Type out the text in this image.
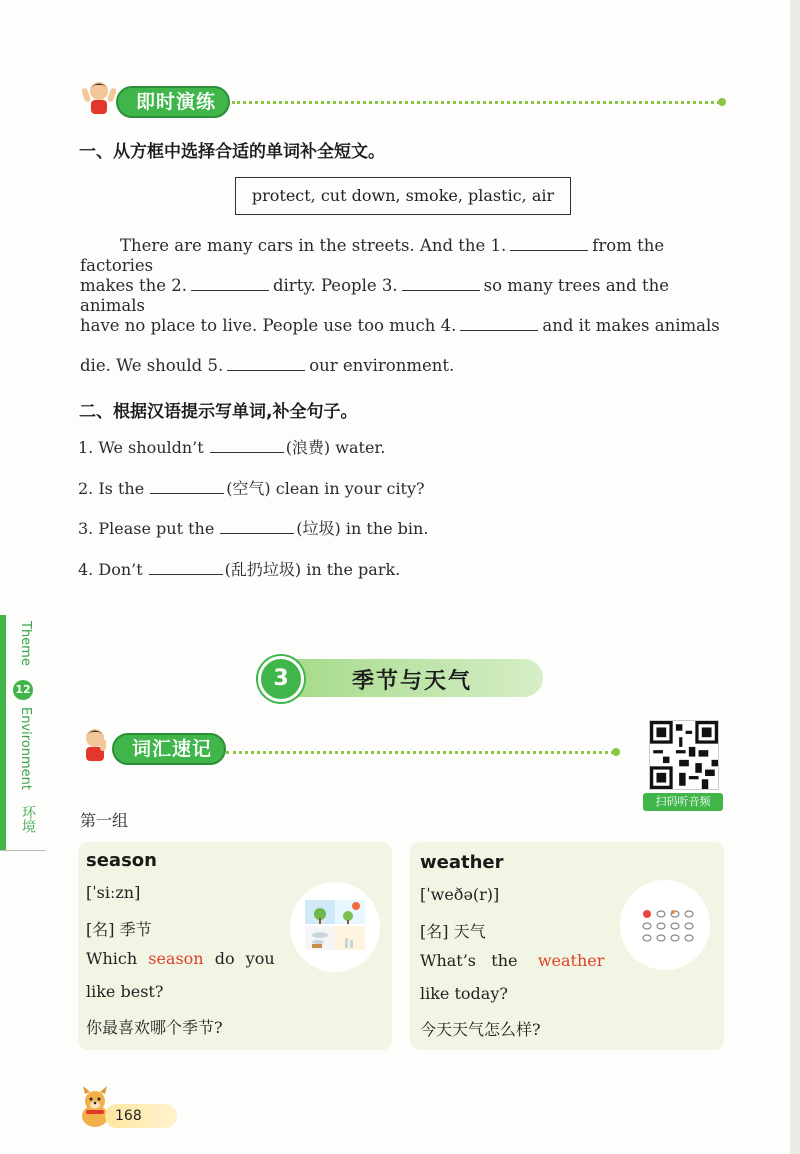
即时演练
一、从方框中选择合适的单词补全短文。
protect, cut down, smoke, plastic, air
There are many cars in the streets. And the 1.	from the factories
makes the 2.	dirty. People 3.	so many trees and the animals
have no place to live. People use too much 4.	and it makes animals
die. We should 5.	our environment.
二、根据汉语提示写单词,补全句子。
1. We shouldn’t	(浪费) water.
2. Is the	(空气) clean in your city?
3. Please put the	(垃圾) in the bin.
4. Don’t	(乱扔垃圾) in the park.
Theme
12
Environment
环境
3	季节与天气
词汇速记
扫码听音频
第一组
season
[ˈsiːzn]
[名] 季节
Which season do you
like best?
你最喜欢哪个季节?
weather
[ˈweðə(r)]
[名] 天气
What’s   the weather
like today?
今天天气怎么样?
168
